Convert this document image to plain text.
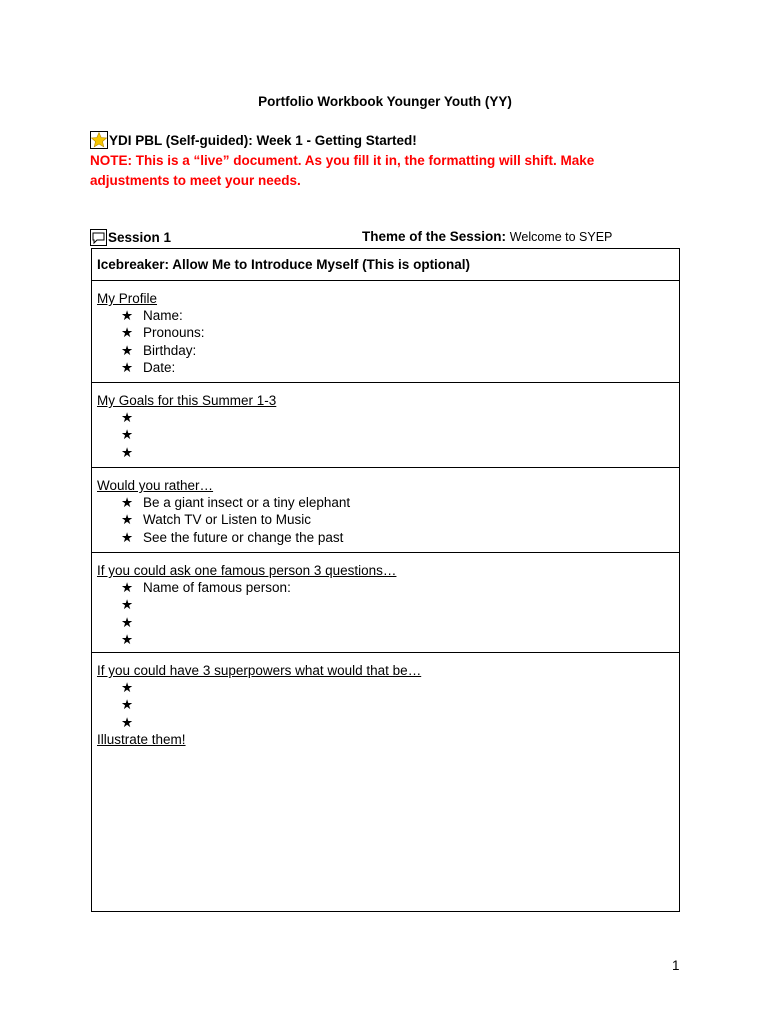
Portfolio Workbook Younger Youth (YY)
YDI PBL (Self-guided): Week 1 - Getting Started!
NOTE: This is a “live” document. As you fill it in, the formatting will shift. Make adjustments to meet your needs.
Session 1	Theme of the Session: Welcome to SYEP
Icebreaker: Allow Me to Introduce Myself (This is optional)
My Profile
★ Name:
★ Pronouns:
★ Birthday:
★ Date:
My Goals for this Summer 1-3
★
★
★
Would you rather…
★ Be a giant insect or a tiny elephant
★ Watch TV or Listen to Music
★ See the future or change the past
If you could ask one famous person 3 questions…
★ Name of famous person:
★
★
★
If you could have 3 superpowers what would that be…
★
★
★
Illustrate them!
1
